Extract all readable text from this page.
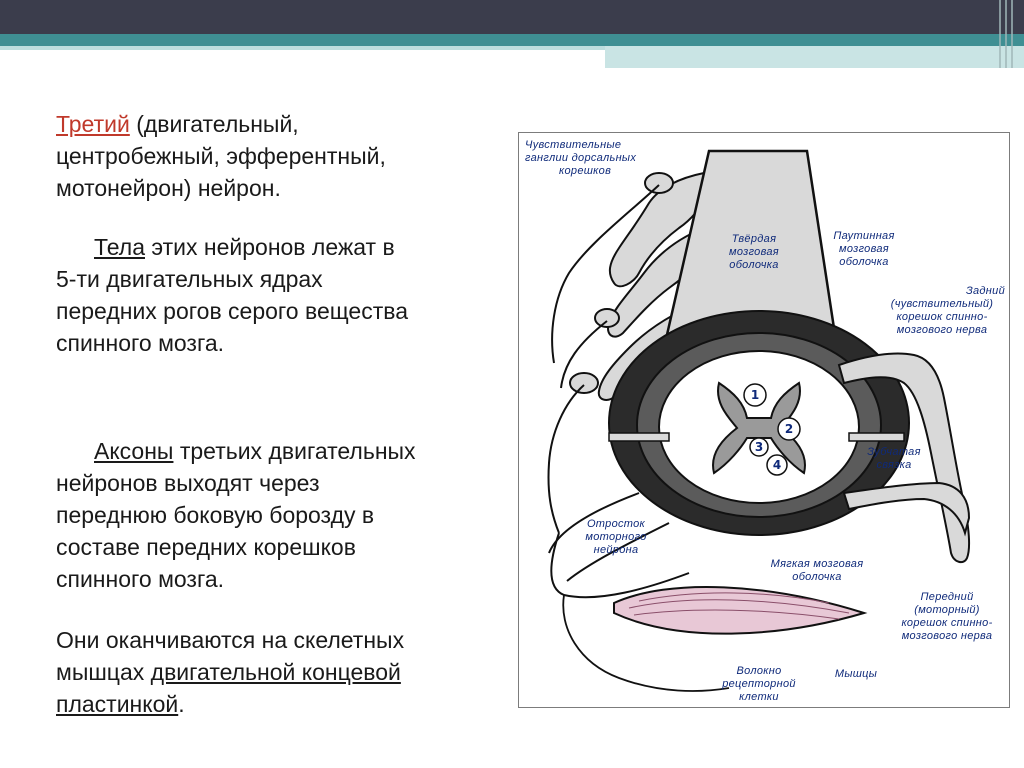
Третий (двигательный,
центробежный, эфферентный,
мотонейрон) нейрон.
Тела этих нейронов лежат в
5-ти двигательных ядрах
передних рогов серого вещества
спинного мозга.
Аксоны третьих двигательных
нейронов выходят через
переднюю боковую борозду в
составе передних корешков
спинного мозга.
Они оканчиваются на скелетных
мышцах двигательной концевой
пластинкой.
1
2
3
4
Чувствительные
ганглии дорсальных
корешков
Твёрдая
мозговая
оболочка
Паутинная
мозговая
оболочка
Задний
(чувствительный)
корешок спинно-
мозгового нерва
Зубчатая
связка
Отросток
моторного
нейрона
Мягкая мозговая
оболочка
Передний
(моторный)
корешок спинно-
мозгового нерва
Волокно
рецепторной
клетки
Мышцы
